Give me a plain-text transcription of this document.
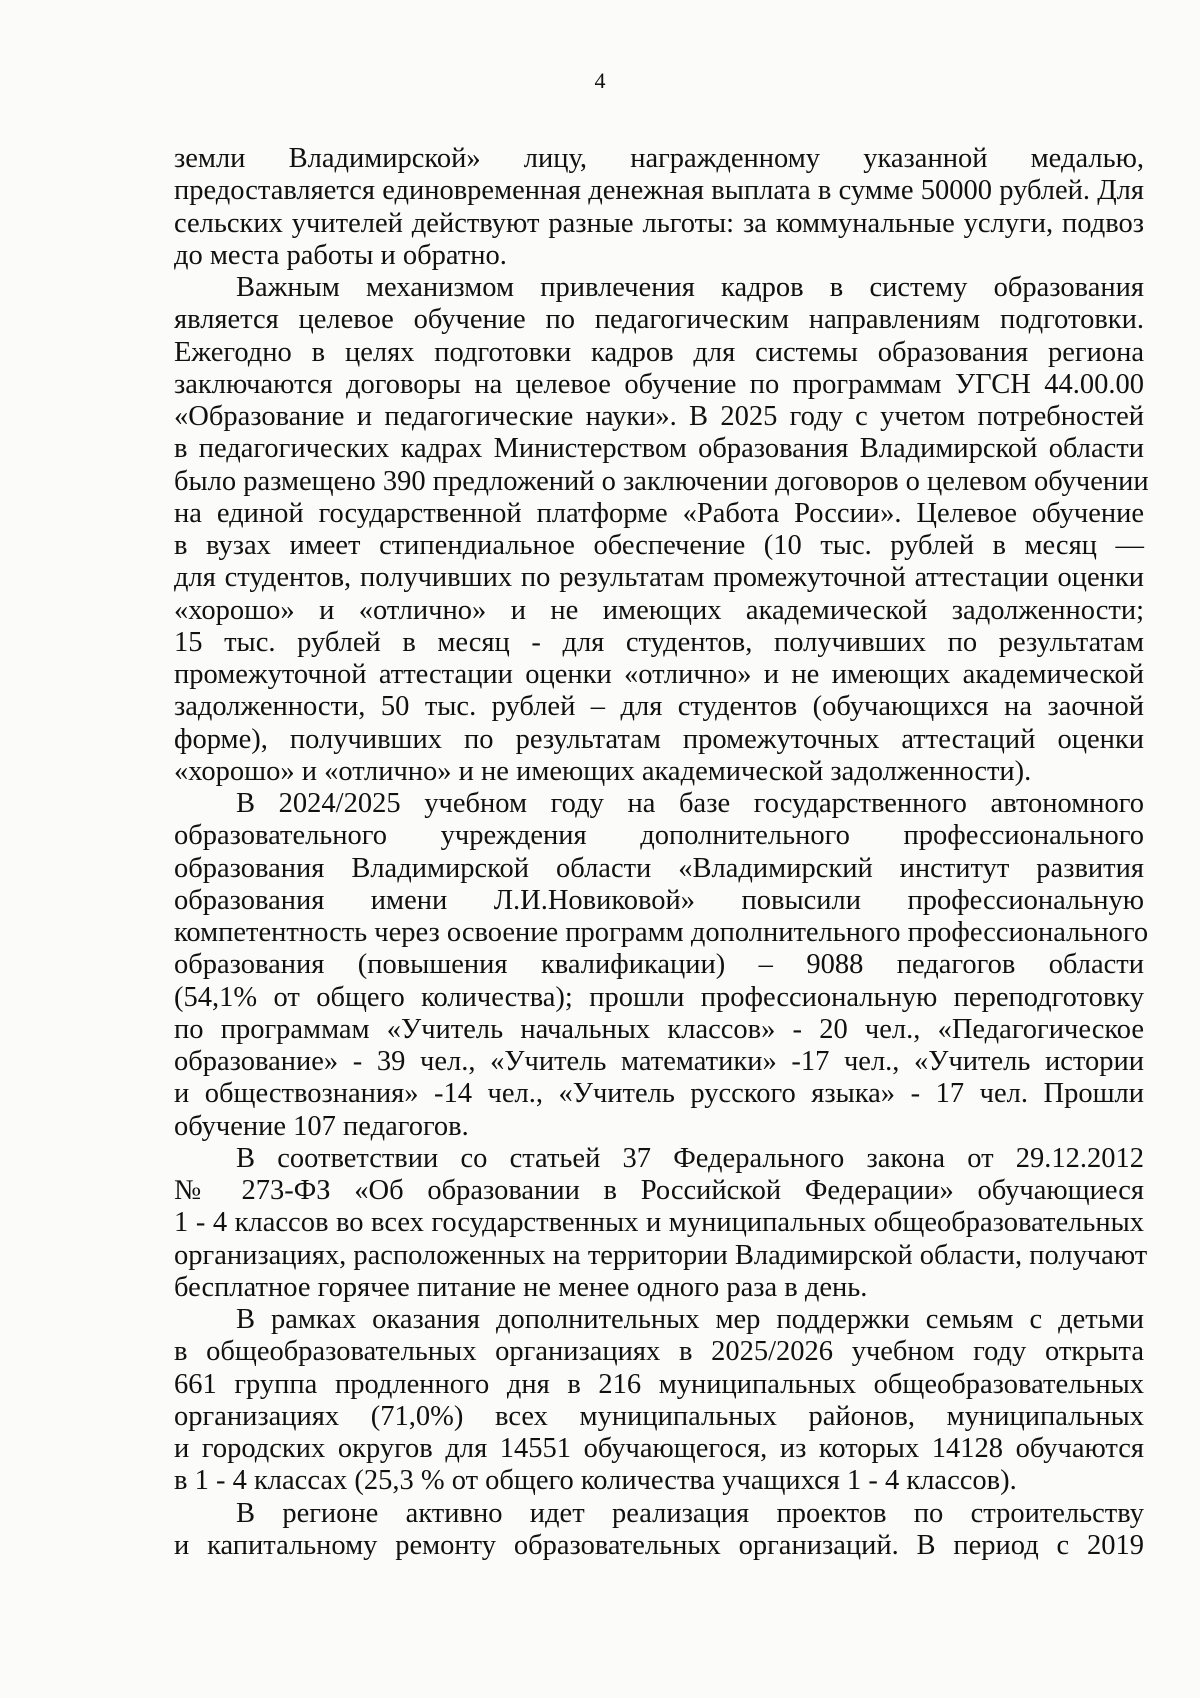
4
земли Владимирской» лицу, награжденному указанной медалью,
предоставляется единовременная денежная выплата в сумме 50000 рублей. Для
сельских учителей действуют разные льготы: за коммунальные услуги, подвоз
до места работы и обратно.
Важным механизмом привлечения кадров в систему образования
является целевое обучение по педагогическим направлениям подготовки.
Ежегодно в целях подготовки кадров для системы образования региона
заключаются договоры на целевое обучение по программам УГСН 44.00.00
«Образование и педагогические науки». В 2025 году с учетом потребностей
в педагогических кадрах Министерством образования Владимирской области
было размещено 390 предложений о заключении договоров о целевом обучении
на единой государственной платформе «Работа России». Целевое обучение
в вузах имеет стипендиальное обеспечение (10 тыс. рублей в месяц —
для студентов, получивших по результатам промежуточной аттестации оценки
«хорошо» и «отлично» и не имеющих академической задолженности;
15 тыс. рублей в месяц - для студентов, получивших по результатам
промежуточной аттестации оценки «отлично» и не имеющих академической
задолженности, 50 тыс. рублей – для студентов (обучающихся на заочной
форме), получивших по результатам промежуточных аттестаций оценки
«хорошо» и «отлично» и не имеющих академической задолженности).
В 2024/2025 учебном году на базе государственного автономного
образовательного учреждения дополнительного профессионального
образования Владимирской области «Владимирский институт развития
образования имени Л.И.Новиковой» повысили профессиональную
компетентность через освоение программ дополнительного профессионального
образования (повышения квалификации) – 9088 педагогов области
(54,1% от общего количества); прошли профессиональную переподготовку
по программам «Учитель начальных классов» - 20 чел., «Педагогическое
образование» - 39 чел., «Учитель математики» -17 чел., «Учитель истории
и обществознания» -14 чел., «Учитель русского языка» - 17 чел. Прошли
обучение 107 педагогов.
В соответствии со статьей 37 Федерального закона от 29.12.2012
№ 273-ФЗ «Об образовании в Российской Федерации» обучающиеся
1 - 4 классов во всех государственных и муниципальных общеобразовательных
организациях, расположенных на территории Владимирской области, получают
бесплатное горячее питание не менее одного раза в день.
В рамках оказания дополнительных мер поддержки семьям с детьми
в общеобразовательных организациях в 2025/2026 учебном году открыта
661 группа продленного дня в 216 муниципальных общеобразовательных
организациях (71,0%) всех муниципальных районов, муниципальных
и городских округов для 14551 обучающегося, из которых 14128 обучаются
в 1 - 4 классах (25,3 % от общего количества учащихся 1 - 4 классов).
В регионе активно идет реализация проектов по строительству
и капитальному ремонту образовательных организаций. В период с 2019
